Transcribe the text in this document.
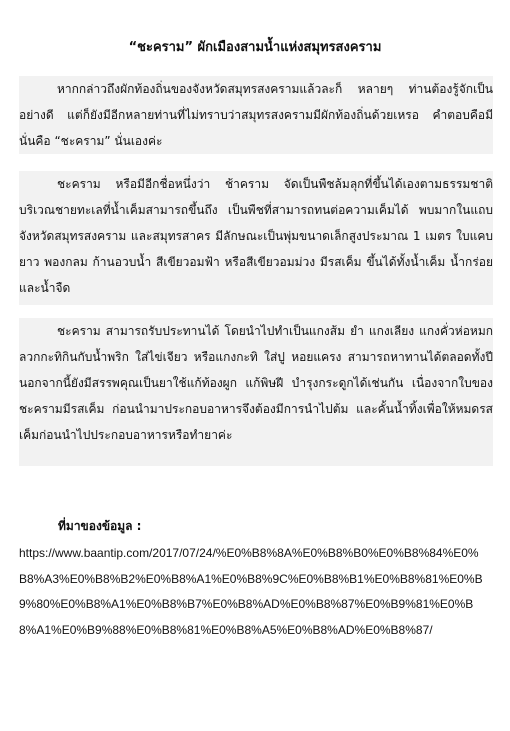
“ชะคราม” ผักเมืองสามน้ำแห่งสมุทรสงคราม

หากกล่าวถึงผักท้องถิ่นของจังหวัดสมุทรสงครามแล้วละก็ หลายๆ ท่านต้องรู้จักเป็นอย่างดี แต่ก็ยังมีอีกหลายท่านที่ไม่ทราบว่าสมุทรสงครามมีผักท้องถิ่นด้วยเหรอ คำตอบคือมี นั่นคือ “ชะคราม” นั่นเองค่ะ

ชะคราม หรือมีอีกชื่อหนึ่งว่า ช้าคราม จัดเป็นพืชล้มลุกที่ขึ้นได้เองตามธรรมชาติบริเวณชายทะเลที่น้ำเค็มสามารถขึ้นถึง เป็นพืชที่สามารถทนต่อความเค็มได้ พบมากในแถบจังหวัดสมุทรสงคราม และสมุทรสาคร มีลักษณะเป็นพุ่มขนาดเล็กสูงประมาณ 1 เมตร ใบแคบยาว พองกลม ก้านอวบน้ำ สีเขียวอมฟ้า หรือสีเขียวอมม่วง มีรสเค็ม ขึ้นได้ทั้งน้ำเค็ม น้ำกร่อย และน้ำจืด

ชะคราม สามารถรับประทานได้ โดยนำไปทำเป็นแกงส้ม ยำ แกงเลียง แกงคั่วห่อหมก ลวกกะทิกินกับน้ำพริก ใส่ไข่เจียว หรือแกงกะทิ ใส่ปู หอยแครง สามารถหาทานได้ตลอดทั้งปี นอกจากนี้ยังมีสรรพคุณเป็นยาใช้แก้ท้องผูก แก้พิษฝี บำรุงกระดูกได้เช่นกัน เนื่องจากใบของชะครามมีรสเค็ม ก่อนนำมาประกอบอาหารจึงต้องมีการนำไปต้ม และคั้นน้ำทิ้งเพื่อให้หมดรสเค็มก่อนนำไปประกอบอาหารหรือทำยาค่ะ

ที่มาของข้อมูล :
https://www.baantip.com/2017/07/24/%E0%B8%8A%E0%B8%B0%E0%B8%84%E0%B8%A3%E0%B8%B2%E0%B8%A1%E0%B8%9C%E0%B8%B1%E0%B8%81%E0%B9%80%E0%B8%A1%E0%B8%B7%E0%B8%AD%E0%B8%87%E0%B9%81%E0%B8%A1%E0%B9%88%E0%B8%81%E0%B8%A5%E0%B8%AD%E0%B8%87/
